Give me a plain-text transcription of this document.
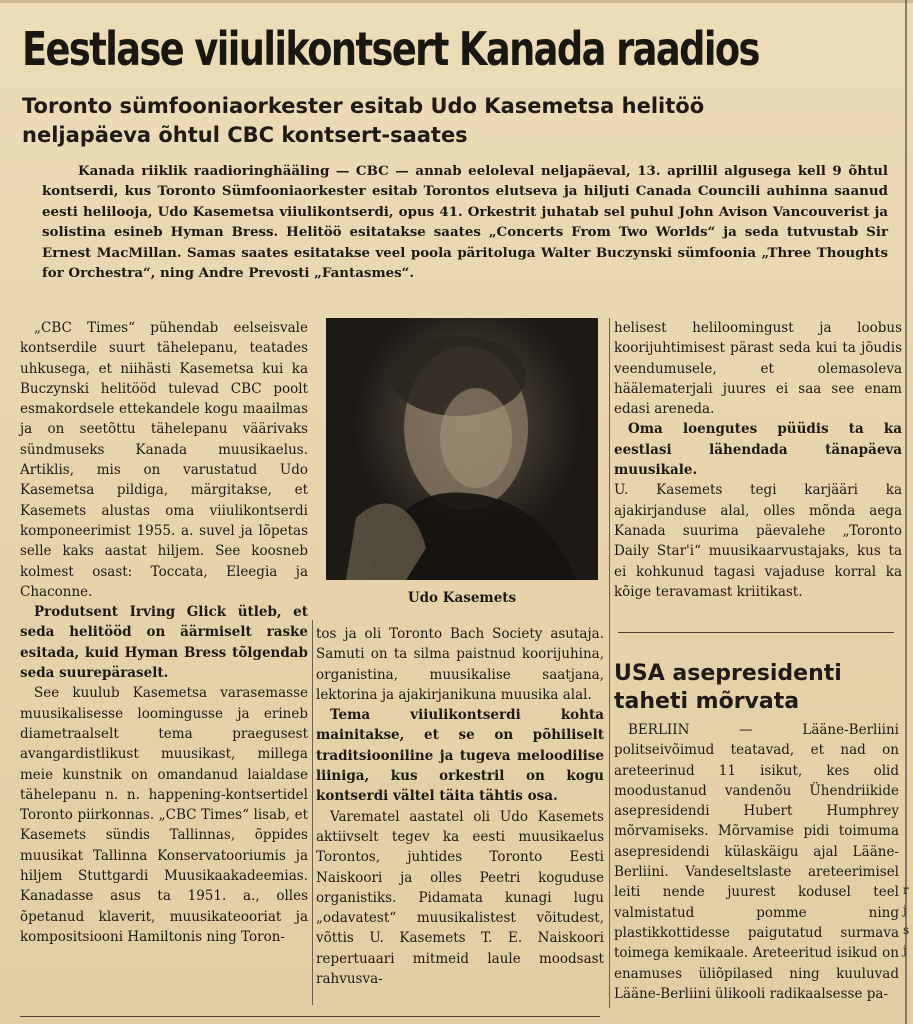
Eestlase viiulikontsert Kanada raadios
Toronto sümfooniaorkester esitab Udo Kasemetsa helitöö
neljapäeva õhtul CBC kontsert-saates

Kanada riiklik raadioringhääling — CBC — annab eeloleval neljapäeval, 13. aprillil algusega kell 9 õhtul kontserdi, kus Toronto Sümfooniaorkester esitab Torontos elutseva ja hiljuti Canada Councili auhinna saanud eesti helilooja, Udo Kasemetsa viiulikontserdi, opus 41. Orkestrit juhatab sel puhul John Avison Vancouverist ja solistina esineb Hyman Bress. Helitöö esitatakse saates „Concerts From Two Worlds“ ja seda tutvustab Sir Ernest MacMillan. Samas saates esitatakse veel poola päritoluga Walter Buczynski sümfoonia „Three Thoughts for Orchestra“, ning Andre Prevosti „Fantasmes“.

„CBC Times“ pühendab eelseisvale kontserdile suurt tähelepanu, teatades uhkusega, et niihästi Kasemetsa kui ka Buczynski helitööd tulevad CBC poolt esmakordsele ettekandele kogu maailmas ja on seetõttu tähelepanu väärivaks sündmuseks Kanada muusikaelus. Artiklis, mis on varustatud Udo Kasemetsa pildiga, märgitakse, et Kasemets alustas oma viiulikontserdi komponeerimist 1955. a. suvel ja lõpetas selle kaks aastat hiljem. See koosneb kolmest osast: Toccata, Eleegia ja Chaconne.

Produtsent Irving Glick ütleb, et seda helitööd on äärmiselt raske esitada, kuid Hyman Bress tõlgendab seda suurepäraselt.

See kuulub Kasemetsa varasemasse muusikalisesse loomingusse ja erineb diametraalselt tema praegusest avangardistlikust muusikast, millega meie kunstnik on omandanud laialdase tähelepanu n. n. happening-kontsertidel Toronto piirkonnas. „CBC Times“ lisab, et Kasemets sündis Tallinnas, õppides muusikat Tallinna Konservatooriumis ja hiljem Stuttgardi Muusikaakadeemias. Kanadasse asus ta 1951. a., olles õpetanud klaverit, muusikateooriat ja kompositsiooni Hamiltonis ning Toron-

Udo Kasemets

tos ja oli Toronto Bach Society asutaja. Samuti on ta silma paistnud koorijuhina, organistina, muusikalise saatjana, lektorina ja ajakirjanikuna muusika alal.

Tema viiulikontserdi kohta mainitakse, et se on põhiliselt traditsiooniline ja tugeva meloodilise liiniga, kus orkestril on kogu kontserdi vältel täita tähtis osa.

Varematel aastatel oli Udo Kasemets aktiivselt tegev ka eesti muusikaelus Torontos, juhtides Toronto Eesti Naiskoori ja olles Peetri koguduse organistiks. Pidamata kunagi lugu „odavatest“ muusikalistest võitudest, võttis U. Kasemets T. E. Naiskoori repertuaari mitmeid laule moodsast rahvusva-

helisest heliloomingust ja loobus koorijuhtimisest pärast seda kui ta jõudis veendumusele, et olemasoleva häälematerjali juures ei saa see enam edasi areneda.

Oma loengutes püüdis ta ka eestlasi lähendada tänapäeva muusikale.

U. Kasemets tegi karjääri ka ajakirjanduse alal, olles mõnda aega Kanada suurima päevalehe „Toronto Daily Star'i“ muusikaarvustajaks, kus ta ei kohkunud tagasi vajaduse korral ka kõige teravamast kriitikast.

USA asepresidenti
taheti mõrvata

BERLIIN — Lääne-Berliini politseivõimud teatavad, et nad on areteerinud 11 isikut, kes olid moodustanud vandenõu Ühendriikide asepresidendi Hubert Humphrey mõrvamiseks. Mõrvamise pidi toimuma asepresidendi külaskäigu ajal Lääne-Berliini. Vandeseltslaste areteerimisel leiti nende juurest kodusel teel valmistatud pomme ning plastikkottidesse paigutatud surmava toimega kemikaale. Areteeritud isikud on enamuses üliõpilased ning kuuluvad Lääne-Berliini ülikooli radikaalsesse pa-

r
j
s
j
